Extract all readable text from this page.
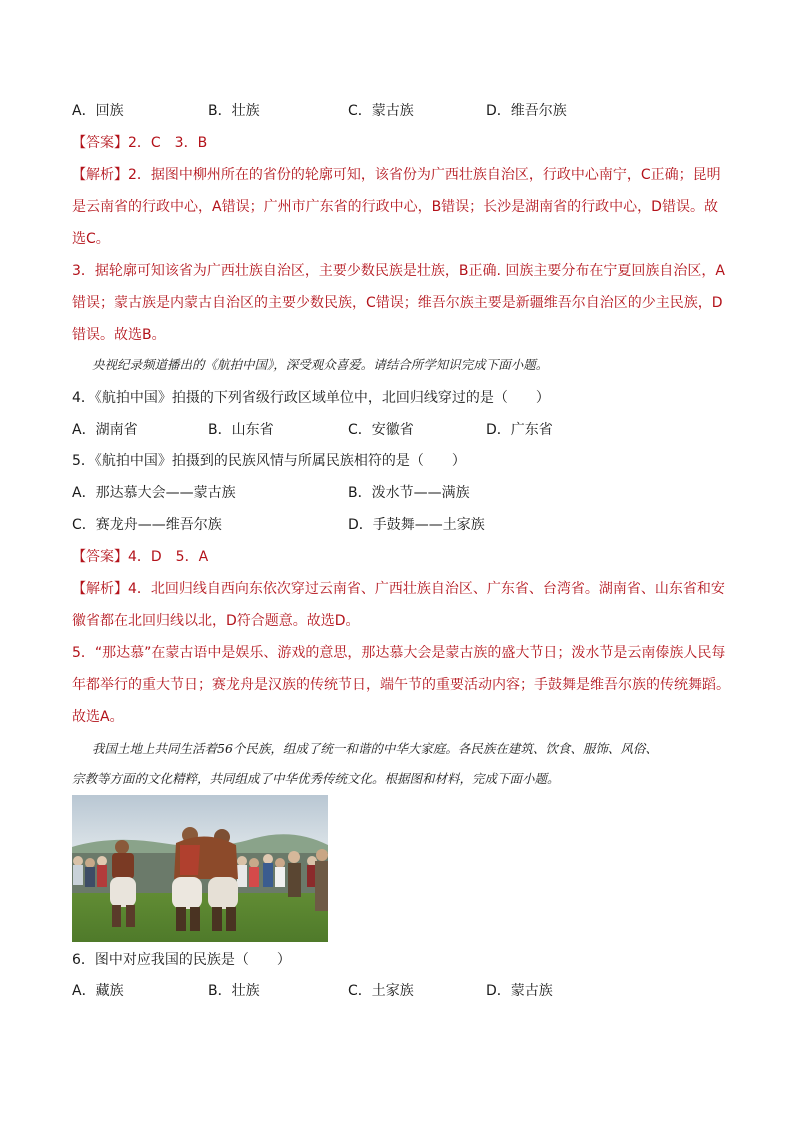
A．回族	B．壮族	C．蒙古族	D．维吾尔族
【答案】2．C　3．B
【解析】2．据图中柳州所在的省份的轮廓可知，该省份为广西壮族自治区，行政中心南宁，C正确；昆明
是云南省的行政中心，A错误；广州市广东省的行政中心，B错误；长沙是湖南省的行政中心，D错误。故
选C。
3．据轮廓可知该省为广西壮族自治区，主要少数民族是壮族，B正确. 回族主要分布在宁夏回族自治区，A
错误；蒙古族是内蒙古自治区的主要少数民族，C错误；维吾尔族主要是新疆维吾尔自治区的少主民族，D
错误。故选B。
央视纪录频道播出的《航拍中国》，深受观众喜爱。请结合所学知识完成下面小题。
4．《航拍中国》拍摄的下列省级行政区域单位中，北回归线穿过的是（　　）
A．湖南省	B．山东省	C．安徽省	D．广东省
5．《航拍中国》拍摄到的民族风情与所属民族相符的是（　　）
A．那达慕大会——蒙古族	B．泼水节——满族
C．赛龙舟——维吾尔族	D．手鼓舞——土家族
【答案】4．D　5．A
【解析】4．北回归线自西向东依次穿过云南省、广西壮族自治区、广东省、台湾省。湖南省、山东省和安
徽省都在北回归线以北，D符合题意。故选D。
5．“那达慕”在蒙古语中是娱乐、游戏的意思，那达慕大会是蒙古族的盛大节日；泼水节是云南傣族人民每
年都举行的重大节日；赛龙舟是汉族的传统节日，端午节的重要活动内容；手鼓舞是维吾尔族的传统舞蹈。
故选A。
我国土地上共同生活着56个民族，组成了统一和谐的中华大家庭。各民族在建筑、饮食、服饰、风俗、
宗教等方面的文化精粹，共同组成了中华优秀传统文化。根据图和材料，完成下面小题。
6．图中对应我国的民族是（　　）
A．藏族	B．壮族	C．土家族	D．蒙古族
